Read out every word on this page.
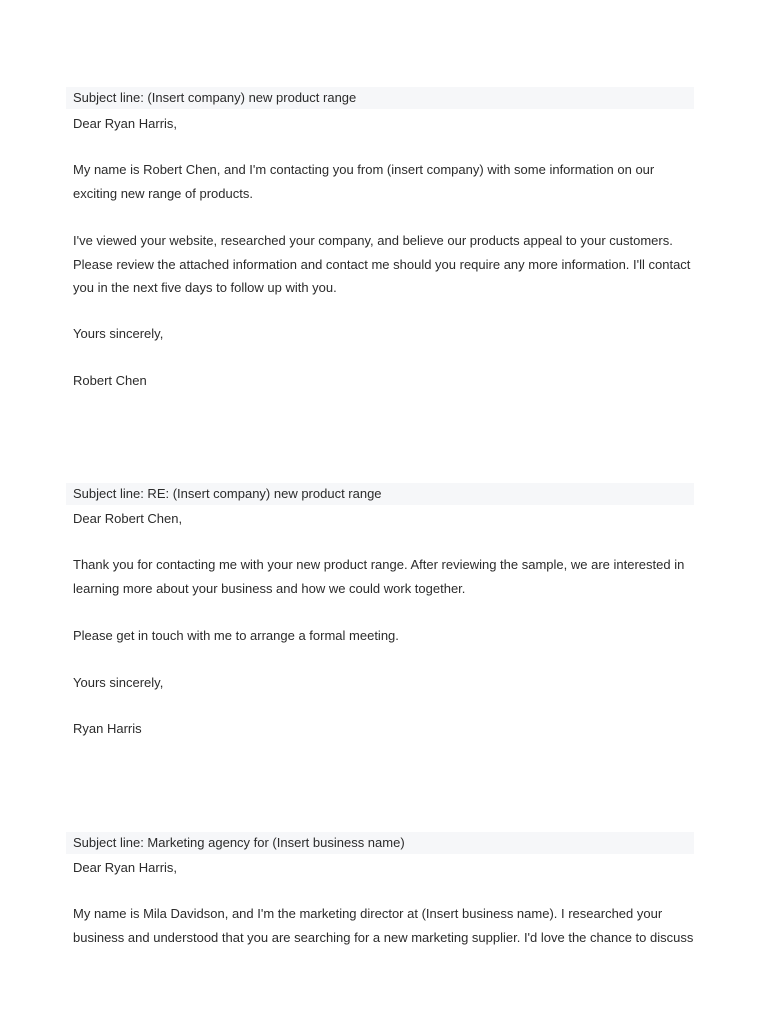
Subject line: (Insert company) new product range
Dear Ryan Harris,
My name is Robert Chen, and I'm contacting you from (insert company) with some information on our
exciting new range of products.
I've viewed your website, researched your company, and believe our products appeal to your customers.
Please review the attached information and contact me should you require any more information. I'll contact
you in the next five days to follow up with you.
Yours sincerely,
Robert Chen
Subject line: RE: (Insert company) new product range
Dear Robert Chen,
Thank you for contacting me with your new product range. After reviewing the sample, we are interested in
learning more about your business and how we could work together.
Please get in touch with me to arrange a formal meeting.
Yours sincerely,
Ryan Harris
Subject line: Marketing agency for (Insert business name)
Dear Ryan Harris,
My name is Mila Davidson, and I'm the marketing director at (Insert business name). I researched your
business and understood that you are searching for a new marketing supplier. I'd love the chance to discuss
